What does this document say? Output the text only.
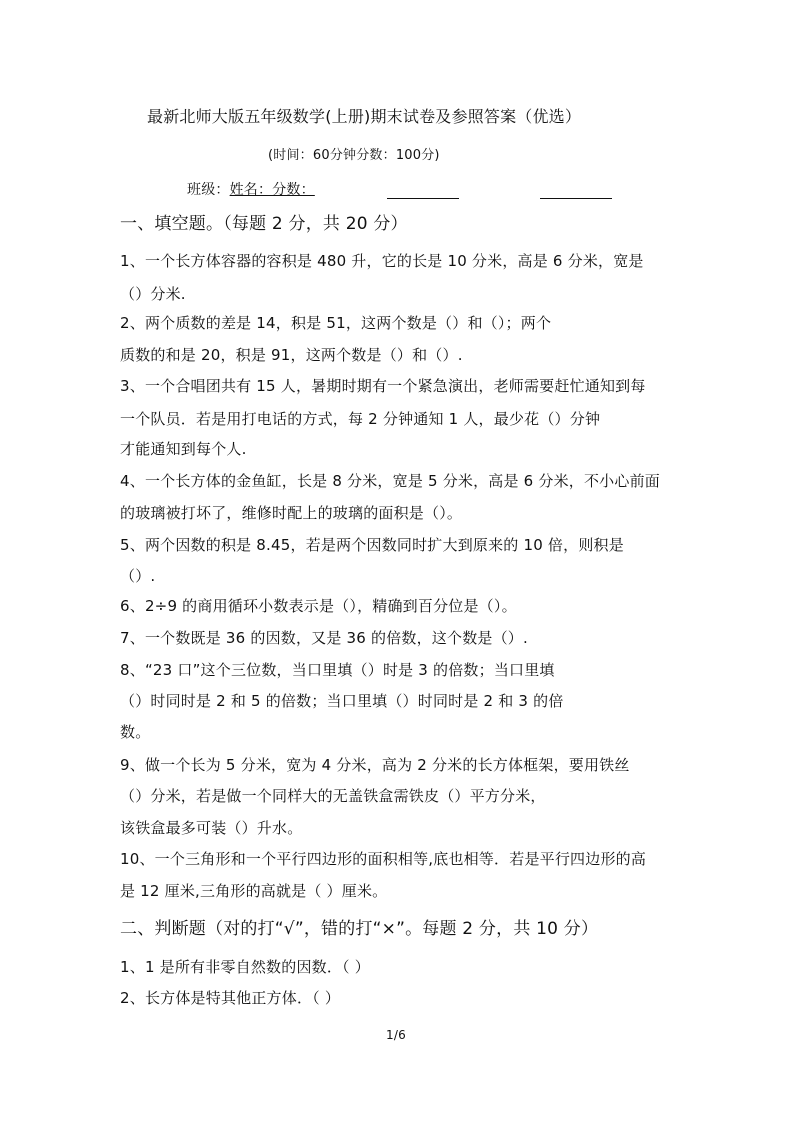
最新北师大版五年级数学(上册)期末试卷及参照答案（优选）
(时间：60分钟分数：100分)
班级：姓名：分数：
一、填空题。（每题 2 分，共 20 分）
1、一个长方体容器的容积是 480 升，它的长是 10 分米，高是 6 分米，宽是
（）分米.
2、两个质数的差是 14，积是 51，这两个数是（）和（）；两个
质数的和是 20，积是 91，这两个数是（）和（）.
3、一个合唱团共有 15 人，暑期时期有一个紧急演出，老师需要赶忙通知到每
一个队员．若是用打电话的方式，每 2 分钟通知 1 人，最少花（）分钟
才能通知到每个人.
4、一个长方体的金鱼缸，长是 8 分米，宽是 5 分米，高是 6 分米，不小心前面
的玻璃被打坏了，维修时配上的玻璃的面积是（）。
5、两个因数的积是 8.45，若是两个因数同时扩大到原来的 10 倍，则积是
（）.
6、2÷9 的商用循环小数表示是（），精确到百分位是（）。
7、一个数既是 36 的因数，又是 36 的倍数，这个数是（）.
8、“23 口”这个三位数，当口里填（）时是 3 的倍数；当口里填
（）时同时是 2 和 5 的倍数；当口里填（）时同时是 2 和 3 的倍
数。
9、做一个长为 5 分米，宽为 4 分米，高为 2 分米的长方体框架，要用铁丝
（）分米，若是做一个同样大的无盖铁盒需铁皮（）平方分米，
该铁盒最多可装（）升水。
10、一个三角形和一个平行四边形的面积相等,底也相等．若是平行四边形的高
是 12 厘米,三角形的高就是（ ）厘米。
二、判断题（对的打“√”，错的打“×”。每题 2 分，共 10 分）
1、1 是所有非零自然数的因数．（ ）
2、长方体是特其他正方体．（ ）
1/6
